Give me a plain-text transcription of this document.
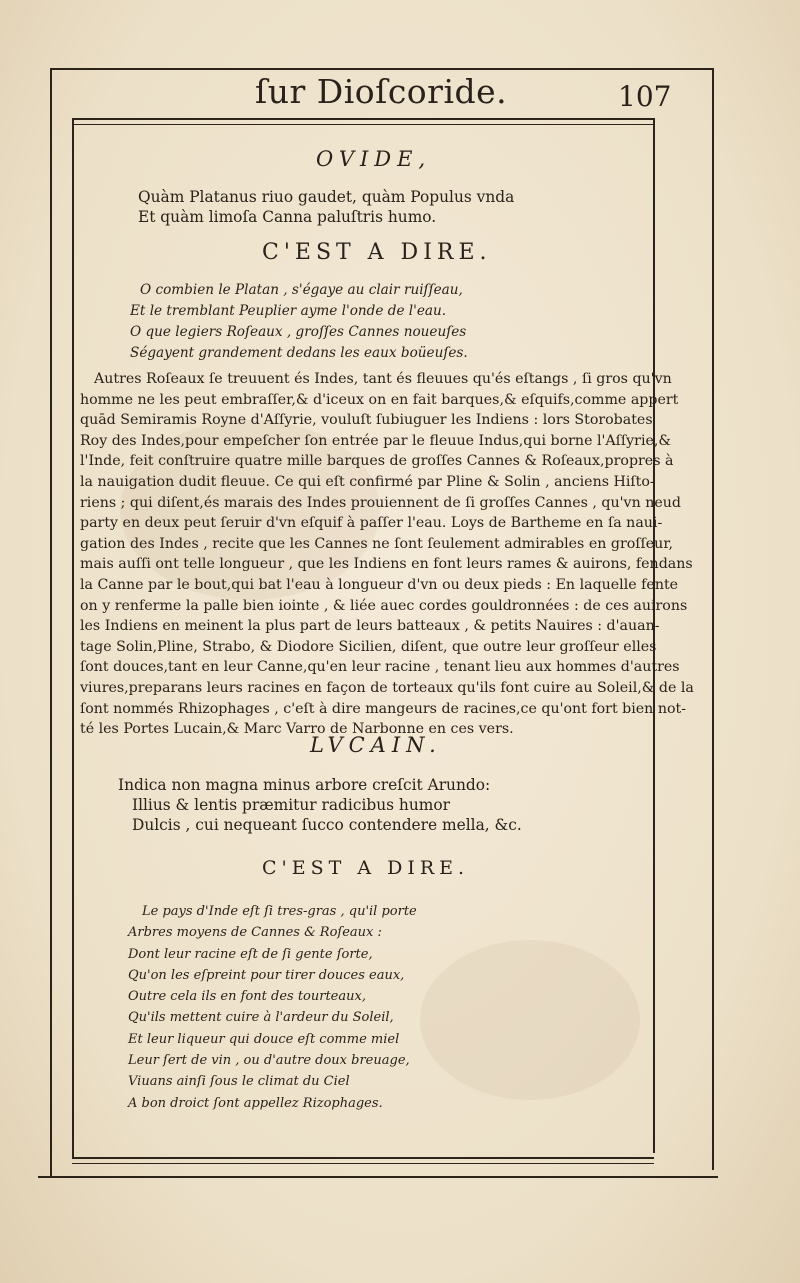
ſur Dioſcoride.	107
OVIDE,
Quàm Platanus riuo gaudet, quàm Populus vnda
Et quàm limoſa Canna paluſtris humo.
C'EST A DIRE.
O combien le Platan , s'égaye au clair ruiſſeau,
Et le tremblant Peuplier ayme l'onde de l'eau.
O que legiers Roſeaux , groſſes Cannes noueuſes
Ségayent grandement dedans les eaux boüeuſes.
Autres Roſeaux ſe treuuent és Indes, tant és fleuues qu'és eſtangs , ſi gros qu'vn
homme ne les peut embraſſer,& d'iceux on en fait barques,& eſquifs,comme appert
quād Semiramis Royne d'Aſſyrie, vouluſt ſubiuguer les Indiens : lors Storobates
Roy des Indes,pour empeſcher ſon entrée par le fleuue Indus,qui borne l'Aſſyrie,&
l'Inde, feit conſtruire quatre mille barques de groſſes Cannes & Roſeaux,propres à
la nauigation dudit fleuue. Ce qui eſt confirmé par Pline & Solin , anciens Hiſto-
riens ; qui diſent,és marais des Indes prouiennent de ſi groſſes Cannes , qu'vn neud
party en deux peut ſeruir d'vn eſquif à paſſer l'eau. Loys de Bartheme en ſa naui-
gation des Indes , recite que les Cannes ne ſont ſeulement admirables en groſſeur,
mais auſſi ont telle longueur , que les Indiens en font leurs rames & auirons, fendans
la Canne par le bout,qui bat l'eau à longueur d'vn ou deux pieds : En laquelle fente
on y renferme la palle bien iointe , & liée auec cordes gouldronnées : de ces auirons
les Indiens en meinent la plus part de leurs batteaux , & petits Nauires : d'auan-
tage Solin,Pline, Strabo, & Diodore Sicilien, diſent, que outre leur groſſeur elles
ſont douces,tant en leur Canne,qu'en leur racine , tenant lieu aux hommes d'autres
viures,preparans leurs racines en façon de torteaux qu'ils font cuire au Soleil,& de la
ſont nommés Rhizophages , c'eſt à dire mangeurs de racines,ce qu'ont fort bien not-
té les Portes Lucain,& Marc Varro de Narbonne en ces vers.
LVCAIN.
Indica non magna minus arbore creſcit Arundo:
Illius & lentis præmitur radicibus humor
Dulcis , cui nequeant ſucco contendere mella, &c.
C'EST A DIRE.
Le pays d'Inde eſt ſi tres-gras , qu'il porte
Arbres moyens de Cannes & Roſeaux :
Dont leur racine eſt de ſi gente ſorte,
Qu'on les eſpreint pour tirer douces eaux,
Outre cela ils en font des tourteaux,
Qu'ils mettent cuire à l'ardeur du Soleil,
Et leur liqueur qui douce eſt comme miel
Leur ſert de vin , ou d'autre doux breuage,
Viuans ainſi ſous le climat du Ciel
A bon droict ſont appellez Rizophages.
